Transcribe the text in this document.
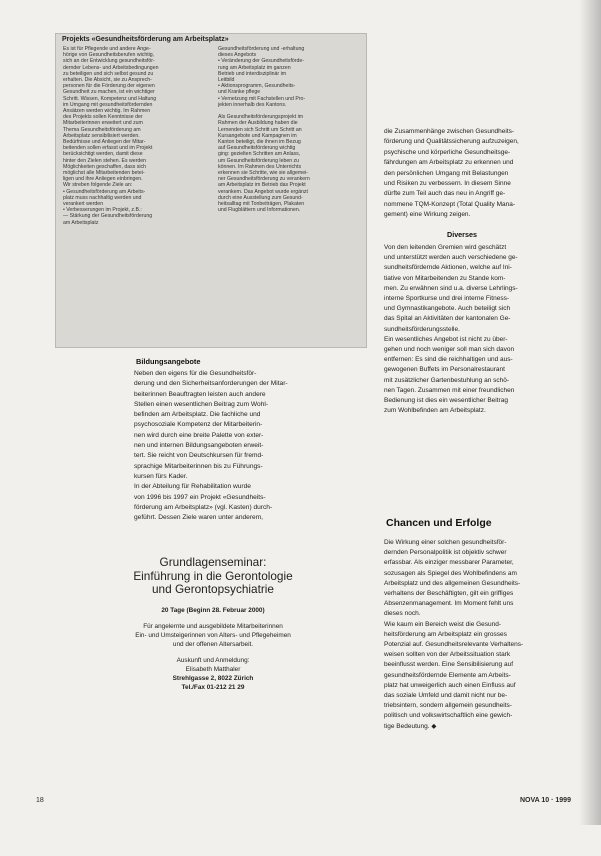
Projekts «Gesundheitsförderung am Arbeitsplatz»

Es ist für Pflegende und andere Ange-

hörige von Gesundheitsberufen wichtig,

sich an der Entwicklung gesundheitsför-

dernder Lebens- und Arbeitsbedingungen

zu beteiligen und sich selbst gesund zu

erhalten. Die Absicht, sie zu Ansprech-

personen für die Förderung der eigenen

Gesundheit zu machen, ist ein wichtiger

Schritt. Wissen, Kompetenz und Haltung

im Umgang mit gesundheitsfördernden

Ansätzen werden wichtig. Im Rahmen

des Projekts sollen Kenntnisse der

Mitarbeiterinnen erweitert und zum

Thema Gesundheitsförderung am

Arbeitsplatz sensibilisiert werden.

Bedürfnisse und Anliegen der Mitar-

beitenden sollen erfasst und im Projekt

berücksichtigt werden, damit diese

hinter den Zielen stehen. Es werden

Möglichkeiten geschaffen, dass sich

möglichst alle Mitarbeitenden betei-

ligen und ihre Anliegen einbringen.

Wir streben folgende Ziele an:

• Gesundheitsförderung am Arbeits-

platz muss nachhaltig werden und

verankert werden

• Verbesserungen im Projekt, z.B.:

— Stärkung der Gesundheitsförderung

am Arbeitsplatz

Gesundheitsförderung und -erhaltung

dieses Angebots

• Veränderung der Gesundheitsförde-

rung am Arbeitsplatz im ganzen

Betrieb und interdisziplinär im

Leitbild

• Aktionsprogramm, Gesundheits-

und Kranke pflege

• Vernetzung mit Fachstellen und Pro-

jekten innerhalb des Kantons.

Als Gesundheitsförderungsprojekt im

Rahmen der Ausbildung haben die

Lernenden sich Schritt um Schritt an

Kursangebote und Kampagnen im

Kanton beteiligt, die ihnen im Bezug

auf Gesundheitsförderung wichtig

ging: gezielten Schritten am Anlass,

um Gesundheitsförderung leben zu

können. Im Rahmen des Unterrichts

erkennen sie Schritte, wie sie allgemei-

ner Gesundheitsförderung zu verankern

am Arbeitsplatz im Betrieb das Projekt

verankern. Das Angebot wurde ergänzt

durch eine Ausstellung zum Gesund-

heitsalltag mit Tonbeiträgen, Plakaten

und Flugblättern und Informationen.

Bildungsangebote

Neben den eigens für die Gesundheitsför-

derung und den Sicherheitsanforderungen der Mitar-

beiterinnen Beauftragten leisten auch andere

Stellen einen wesentlichen Beitrag zum Wohl-

befinden am Arbeitsplatz. Die fachliche und

psychosoziale Kompetenz der Mitarbeiterin-

nen wird durch eine breite Palette von exter-

nen und internen Bildungsangeboten erweit-

tert. Sie reicht von Deutschkursen für fremd-

sprachige Mitarbeiterinnen bis zu Führungs-

kursen fürs Kader.

In der Abteilung für Rehabilitation wurde

von 1996 bis 1997 ein Projekt «Gesundheits-

förderung am Arbeitsplatz» (vgl. Kasten) durch-

geführt. Dessen Ziele waren unter anderem,

Grundlagenseminar:

Einführung in die Gerontologie

und Gerontopsychiatrie

20 Tage (Beginn 28. Februar 2000)

Für angelernte und ausgebildete Mitarbeiterinnen

Ein- und Umsteigerinnen von Alters- und Pflegeheimen

und der offenen Altersarbeit.

Auskunft und Anmeldung:

Elisabeth Matthaler

Strehlgasse 2, 8022 Zürich

Tel./Fax 01-212 21 29

die Zusammenhänge zwischen Gesundheits-

förderung und Qualitätssicherung aufzuzeigen,

psychische und körperliche Gesundheitsge-

fährdungen am Arbeitsplatz zu erkennen und

den persönlichen Umgang mit Belastungen

und Risiken zu verbessern. In diesem Sinne

dürfte zum Teil auch das neu in Angriff ge-

nommene TQM-Konzept (Total Quality Mana-

gement) eine Wirkung zeigen.

Diverses

Von den leitenden Gremien wird geschätzt

und unterstützt werden auch verschiedene ge-

sundheitsfördernde Aktionen, welche auf Ini-

tiative von Mitarbeitenden zu Stande kom-

men. Zu erwähnen sind u.a. diverse Lehrlings-

interne Sportkurse und drei interne Fitness-

und Gymnastikangebote. Auch beteiligt sich

das Spital an Aktivitäten der kantonalen Ge-

sundheitsförderungsstelle.

Ein wesentliches Angebot ist nicht zu über-

gehen und noch weniger soll man sich davon

entfernen: Es sind die reichhaltigen und aus-

gewogenen Buffets im Personalrestaurant

mit zusätzlicher Gartenbestuhlung an schö-

nen Tagen. Zusammen mit einer freundlichen

Bedienung ist dies ein wesentlicher Beitrag

zum Wohlbefinden am Arbeitsplatz.

Chancen und Erfolge

Die Wirkung einer solchen gesundheitsför-

dernden Personalpolitik ist objektiv schwer

erfassbar. Als einziger messbarer Parameter,

sozusagen als Spiegel des Wohlbefindens am

Arbeitsplatz und des allgemeinen Gesundheits-

verhaltens der Beschäftigten, gilt ein griffiges

Absenzenmanagement. Im Moment fehlt uns

dieses noch.

Wie kaum ein Bereich weist die Gesund-

heitsförderung am Arbeitsplatz ein grosses

Potenzial auf. Gesundheitsrelevante Verhaltens-

weisen sollten von der Arbeitssituation stark

beeinflusst werden. Eine Sensibilisierung auf

gesundheitsfördernde Elemente am Arbeits-

platz hat unweigerlich auch einen Einfluss auf

das soziale Umfeld und damit nicht nur be-

triebsintern, sondern allgemein gesundheits-

politisch und volkswirtschaftlich eine gewich-

tige Bedeutung. ◆

18	NOVA 10 · 1999
